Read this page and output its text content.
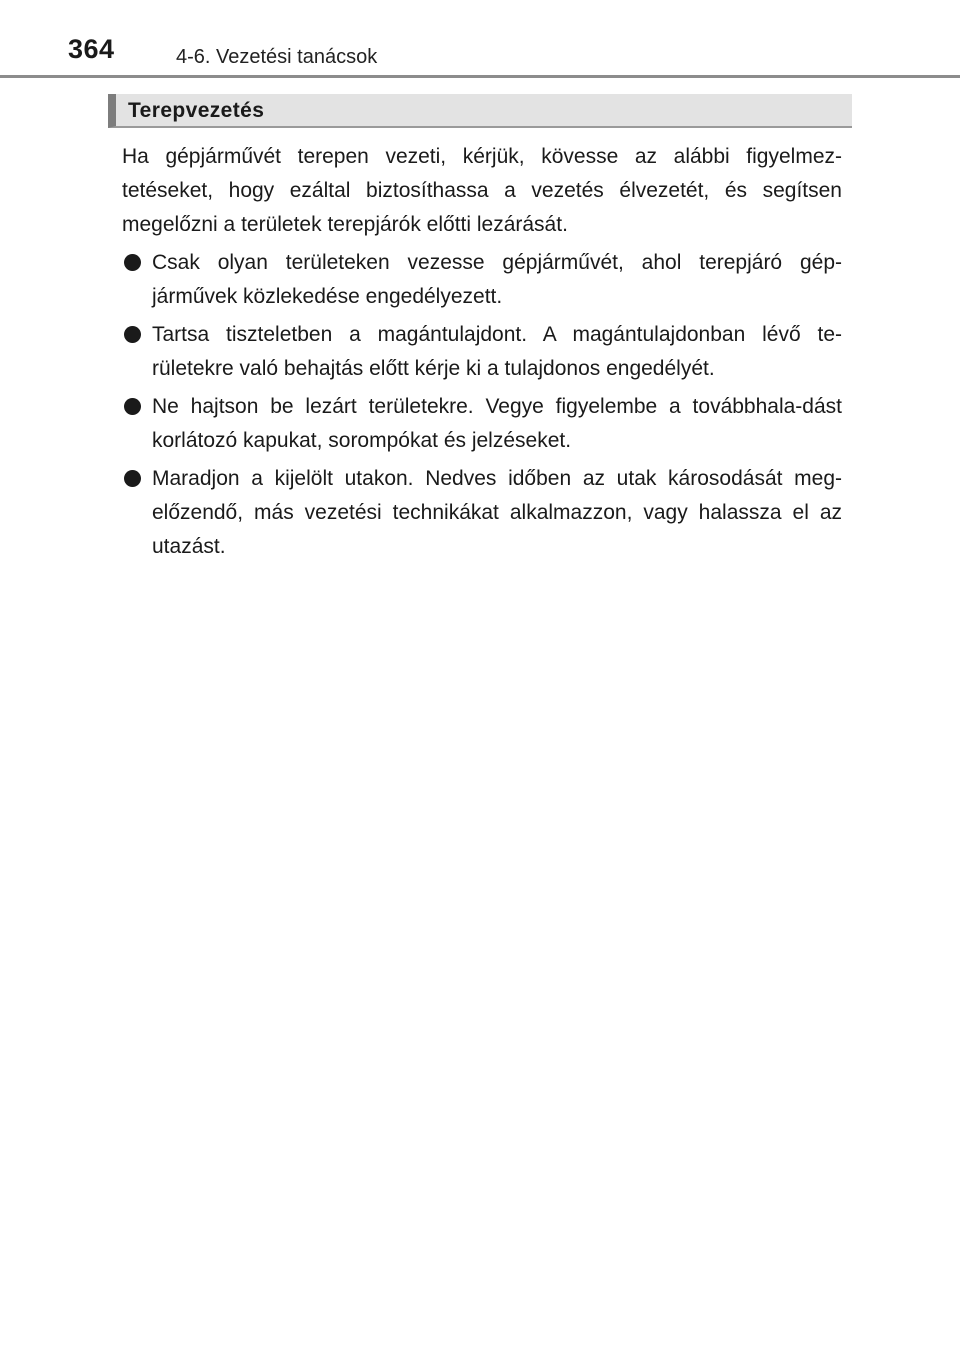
364	4-6. Vezetési tanácsok
Terepvezetés

Ha gépjárművét terepen vezeti, kérjük, kövesse az alábbi figyelmez-tetéseket, hogy ezáltal biztosíthassa a vezetés élvezetét, és segítsen megelőzni a területek terepjárók előtti lezárását.

Csak olyan területeken vezesse gépjárművét, ahol terepjáró gép-járművek közlekedése engedélyezett.
Tartsa tiszteletben a magántulajdont. A magántulajdonban lévő te-rületekre való behajtás előtt kérje ki a tulajdonos engedélyét.
Ne hajtson be lezárt területekre. Vegye figyelembe a továbbhala-dást korlátozó kapukat, sorompókat és jelzéseket.
Maradjon a kijelölt utakon. Nedves időben az utak károsodását meg-előzendő, más vezetési technikákat alkalmazzon, vagy halassza el az utazást.
